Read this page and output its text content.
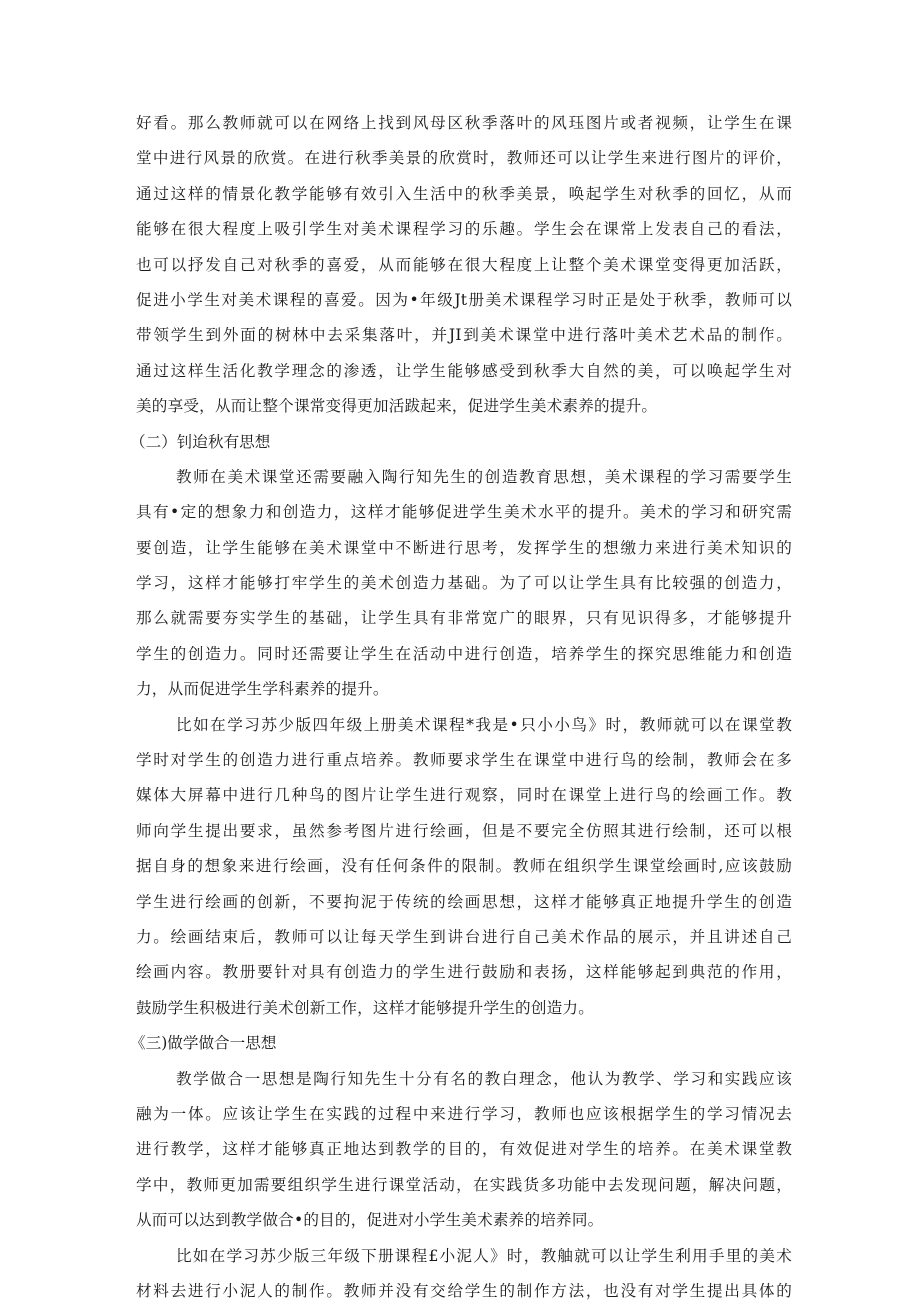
好看。那么教师就可以在网络上找到风母区秋季落叶的风珏图片或者视频，让学生在课
堂中进行风景的欣赏。在进行秋季美景的欣赏时，教师还可以让学生来进行图片的评价，
通过这样的情景化教学能够有效引入生活中的秋季美景，唤起学生对秋季的回忆，从而
能够在很大程度上吸引学生对美术课程学习的乐趣。学生会在课常上发表自己的看法，
也可以抒发自己对秋季的喜爱，从而能够在很大程度上让整个美术课堂变得更加活跃，
促进小学生对美术课程的喜爱。因为•年级Jt册美术课程学习时正是处于秋季，教师可以
带领学生到外面的树林中去采集落叶，并JI到美术课堂中进行落叶美术艺术品的制作。
通过这样生活化教学理念的渗透，让学生能够感受到秋季大自然的美，可以唤起学生对
美的享受，从而让整个课常变得更加活跋起来，促进学生美术素养的提升。
（二）钊迨秋有思想
教师在美术课堂还需要融入陶行知先生的创造教育思想，美术课程的学习需要学生
具有•定的想象力和创造力，这样才能够促进学生美术水平的提升。美术的学习和研究需
要创造，让学生能够在美术课堂中不断进行思考，发挥学生的想缴力来进行美术知识的
学习，这样才能够打牢学生的美术创造力基础。为了可以让学生具有比较强的创造力，
那么就需要夯实学生的基础，让学生具有非常宽广的眼界，只有见识得多，才能够提升
学生的创造力。同时还需要让学生在活动中进行创造，培养学生的探究思维能力和创造
力，从而促进学生学科素养的提升。
比如在学习苏少版四年级上册美术课程*我是•只小小鸟》时，教师就可以在课堂教
学时对学生的创造力进行重点培养。教师要求学生在课堂中进行鸟的绘制，教师会在多
媒体大屏幕中进行几种鸟的图片让学生进行观察，同时在课堂上进行鸟的绘画工作。教
师向学生提出要求，虽然参考图片进行绘画，但是不要完全仿照其进行绘制，还可以根
据自身的想象来进行绘画，没有任何条件的限制。教师在组织学生课堂绘画时,应该鼓励
学生进行绘画的创新，不要拘泥于传统的绘画思想，这样才能够真正地提升学生的创造
力。绘画结束后，教师可以让每天学生到讲台进行自己美术作品的展示，并且讲述自己
绘画内容。教册要针对具有创造力的学生进行鼓励和表扬，这样能够起到典范的作用，
鼓励学生积极进行美术创新工作，这样才能够提升学生的创造力。
《三)做学做合一思想
教学做合一思想是陶行知先生十分有名的教白理念，他认为教学、学习和实践应该
融为一体。应该让学生在实践的过程中来进行学习，教师也应该根据学生的学习情况去
进行教学，这样才能够真正地达到教学的目的，有效促进对学生的培养。在美术课堂教
学中，教师更加需要组织学生进行课堂活动，在实践货多功能中去发现问题，解决问题，
从而可以达到教学做合•的目的，促进对小学生美术素养的培养同。
比如在学习苏少版三年级下册课程£小泥人》时，教舳就可以让学生利用手里的美术
材料去进行小泥人的制作。教师并没有交给学生的制作方法，也没有对学生提出具体的
